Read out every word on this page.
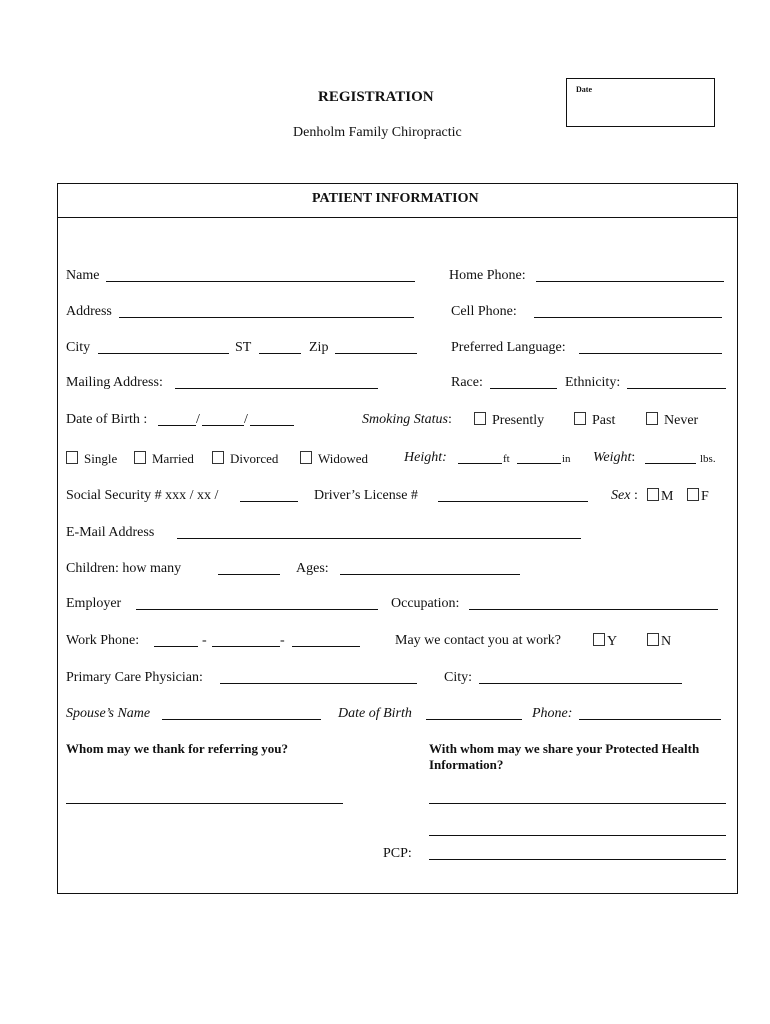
REGISTRATION
Denholm Family Chiropractic
Date
PATIENT INFORMATION
Name	Home Phone:
Address	Cell Phone:
City	ST	Zip	Preferred Language:
Mailing Address:	Race:	Ethnicity:
Date of Birth :	/	/	Smoking Status:	Presently	Past	Never
Single	Married	Divorced	Widowed	Height:	ft	in Weight:	lbs.
Social Security # xxx / xx /	Driver’s License #	Sex :	M	F
E-Mail Address
Children: how many	Ages:
Employer	Occupation:
Work Phone:	-	-	May we contact you at work?	Y	N
Primary Care Physician:	City:
Spouse’s Name	Date of Birth	Phone:
Whom may we thank for referring you?	With whom may we share your Protected Health
Information?
PCP:
